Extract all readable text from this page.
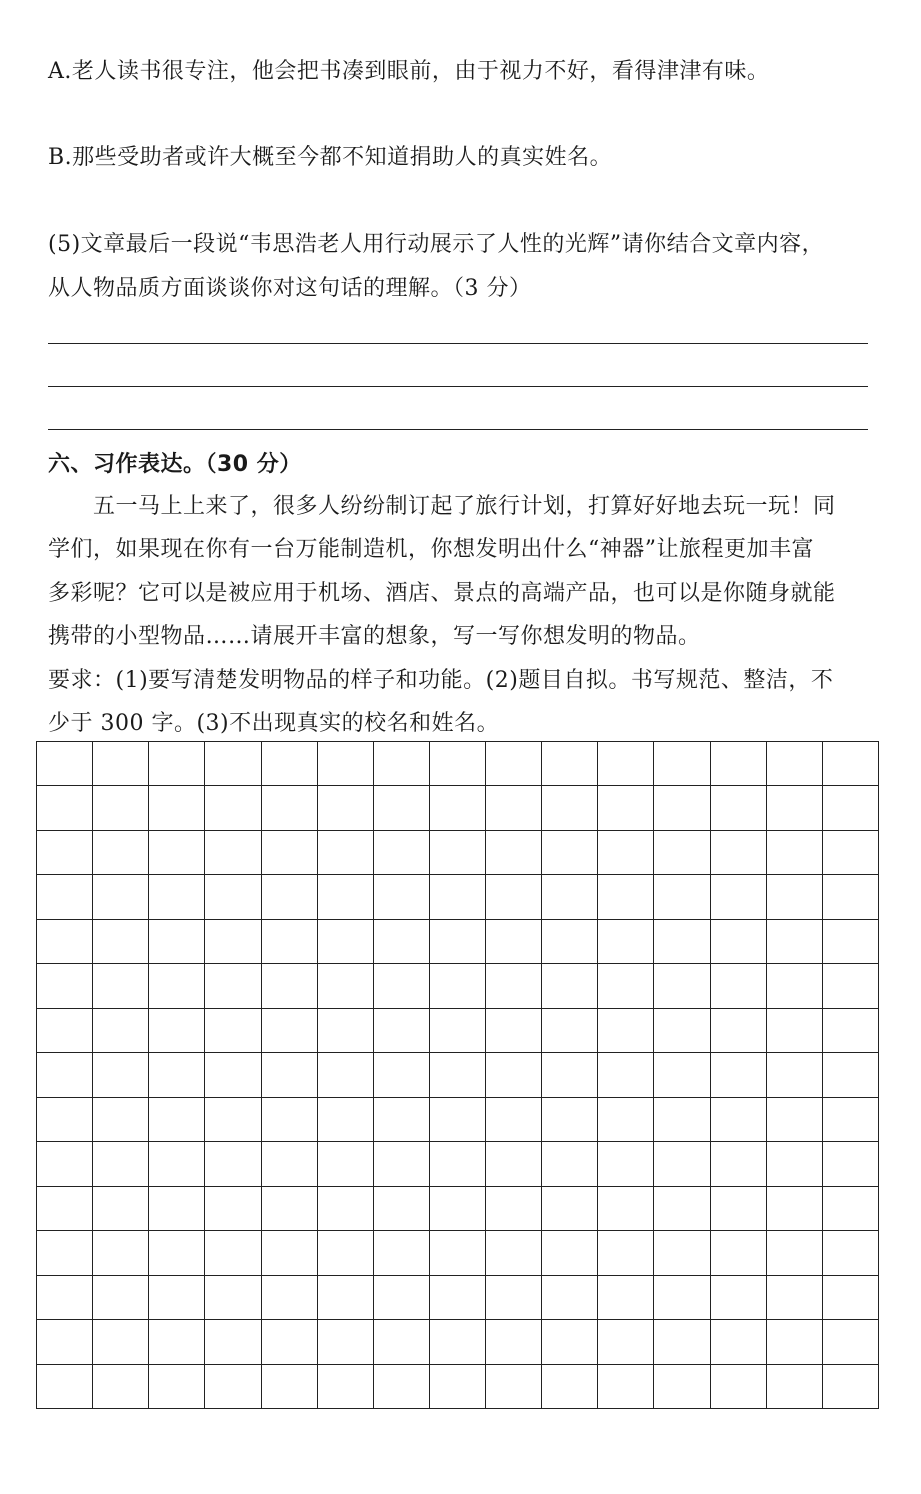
A.老人读书很专注，他会把书凑到眼前，由于视力不好，看得津津有味。
B.那些受助者或许大概至今都不知道捐助人的真实姓名。
(5)文章最后一段说“韦思浩老人用行动展示了人性的光辉”请你结合文章内容，
从人物品质方面谈谈你对这句话的理解。（3 分）
六、习作表达。（30 分）
　　五一马上上来了，很多人纷纷制订起了旅行计划，打算好好地去玩一玩！同
学们，如果现在你有一台万能制造机，你想发明出什么“神器”让旅程更加丰富
多彩呢？它可以是被应用于机场、酒店、景点的高端产品，也可以是你随身就能
携带的小型物品……请展开丰富的想象，写一写你想发明的物品。
要求：(1)要写清楚发明物品的样子和功能。(2)题目自拟。书写规范、整洁，不
少于 300 字。(3)不出现真实的校名和姓名。
